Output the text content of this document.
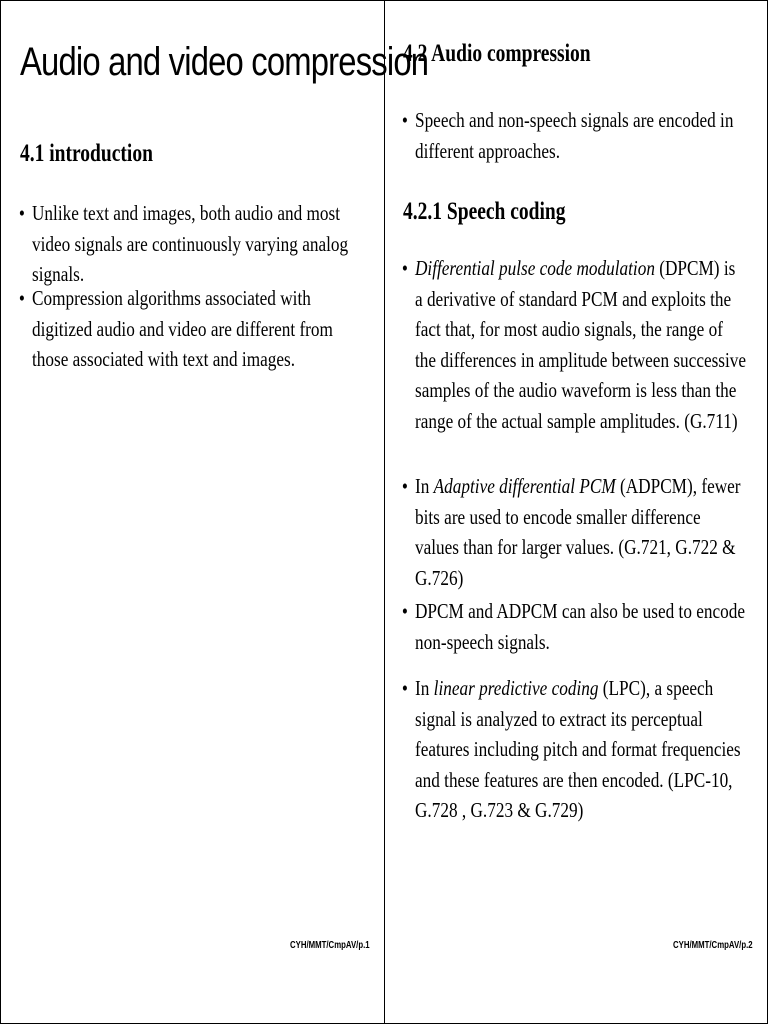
Audio and video compression
4.1 introduction
• Unlike text and images, both audio and most video signals are continuously varying analog signals.
• Compression algorithms associated with digitized audio and video are different from those associated with text and images.
CYH/MMT/CmpAV/p.1
4.2 Audio compression
• Speech and non-speech signals are encoded in different approaches.
4.2.1 Speech coding
• Differential pulse code modulation (DPCM) is a derivative of standard PCM and exploits the fact that, for most audio signals, the range of the differences in amplitude between successive samples of the audio waveform is less than the range of the actual sample amplitudes. (G.711)
• In Adaptive differential PCM (ADPCM), fewer bits are used to encode smaller difference values than for larger values. (G.721, G.722 & G.726)
• DPCM and ADPCM can also be used to encode non-speech signals.
• In linear predictive coding (LPC), a speech signal is analyzed to extract its perceptual features including pitch and format frequencies and these features are then encoded. (LPC-10, G.728 , G.723 & G.729)
CYH/MMT/CmpAV/p.2
